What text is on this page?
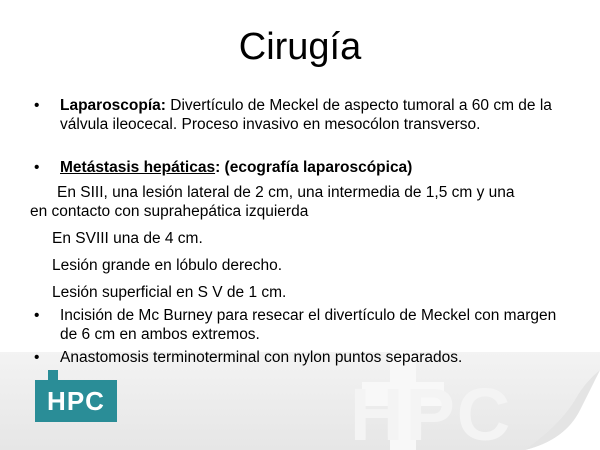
HPC
Cirugía
• Laparoscopía: Divertículo de Meckel de aspecto tumoral a 60 cm de la válvula ileocecal. Proceso invasivo en mesocólon transverso.
• Metástasis hepáticas: (ecografía laparoscópica)
En SIII, una lesión lateral de 2 cm, una intermedia de 1,5 cm y una
en contacto con suprahepática izquierda
En SVIII una de 4 cm.
Lesión grande en lóbulo derecho.
Lesión superficial en S V de 1 cm.
• Incisión de Mc Burney para resecar el divertículo de Meckel con margen de 6 cm en ambos extremos.
• Anastomosis terminoterminal con nylon puntos separados.
HPC
